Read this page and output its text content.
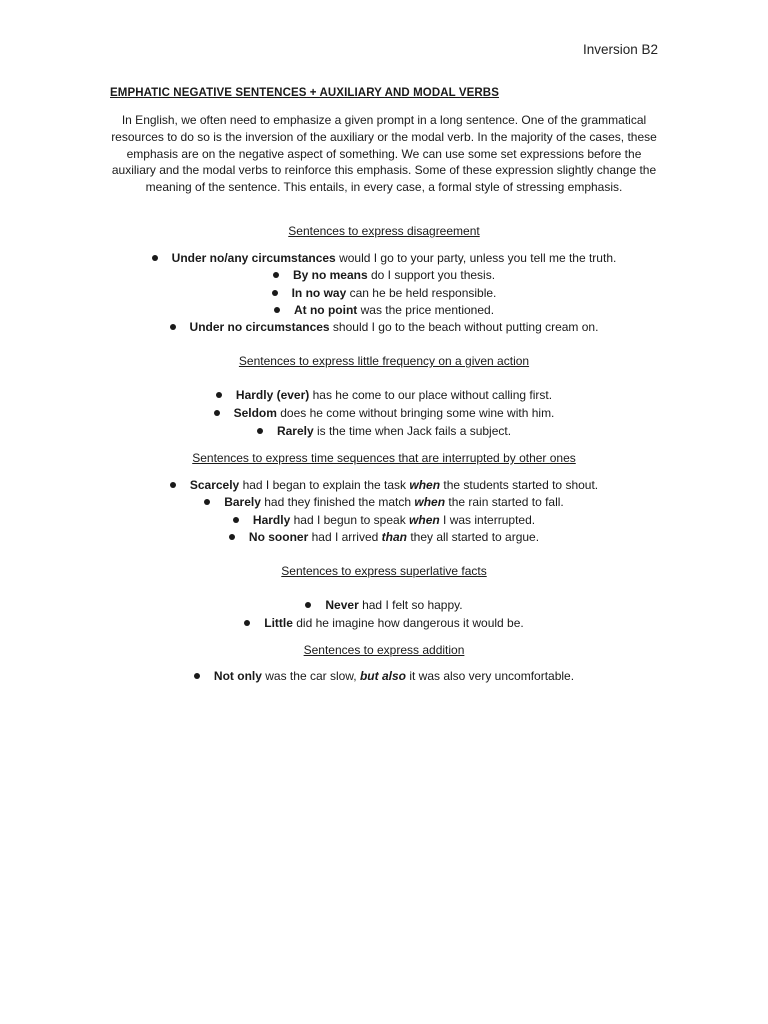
Inversion B2
EMPHATIC NEGATIVE SENTENCES + AUXILIARY AND MODAL VERBS
In English, we often need to emphasize a given prompt in a long sentence. One of the grammatical resources to do so is the inversion of the auxiliary or the modal verb. In the majority of the cases, these emphasis are on the negative aspect of something. We can use some set expressions before the auxiliary and the modal verbs to reinforce this emphasis. Some of these expression slightly change the meaning of the sentence. This entails, in every case, a formal style of stressing emphasis.
Sentences to express disagreement
Under no/any circumstances would I go to your party, unless you tell me the truth.
By no means do I support you thesis.
In no way can he be held responsible.
At no point was the price mentioned.
Under no circumstances should I go to the beach without putting cream on.
Sentences to express little frequency on a given action
Hardly (ever) has he come to our place without calling first.
Seldom does he come without bringing some wine with him.
Rarely is the time when Jack fails a subject.
Sentences to express time sequences that are interrupted by other ones
Scarcely had I began to explain the task when the students started to shout.
Barely had they finished the match when the rain started to fall.
Hardly had I begun to speak when I was interrupted.
No sooner had I arrived than they all started to argue.
Sentences to express superlative facts
Never had I felt so happy.
Little did he imagine how dangerous it would be.
Sentences to express addition
Not only was the car slow, but also it was also very uncomfortable.
